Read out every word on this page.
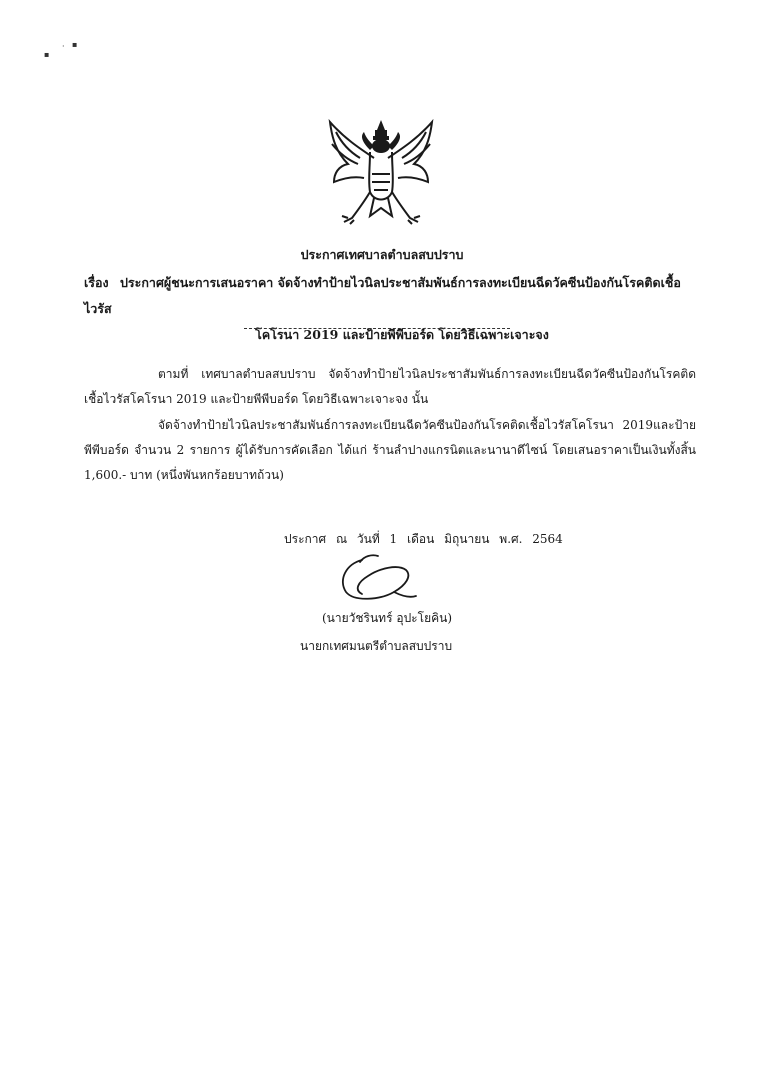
▪
· ▪
ประกาศเทศบาลตำบลสบปราบ
เรื่อง ประกาศผู้ชนะการเสนอราคา จัดจ้างทำป้ายไวนิลประชาสัมพันธ์การลงทะเบียนฉีดวัคซีนป้องกันโรคติดเชื้อไวรัส
โคโรนา 2019 และป้ายพีพีบอร์ด โดยวิธีเฉพาะเจาะจง
ตามที่ เทศบาลตำบลสบปราบ จัดจ้างทำป้ายไวนิลประชาสัมพันธ์การลงทะเบียนฉีดวัคซีนป้องกันโรคติดเชื้อไวรัสโคโรนา 2019 และป้ายพีพีบอร์ด โดยวิธีเฉพาะเจาะจง นั้น
จัดจ้างทำป้ายไวนิลประชาสัมพันธ์การลงทะเบียนฉีดวัคซีนป้องกันโรคติดเชื้อไวรัสโคโรนา 2019และป้ายพีพีบอร์ด จำนวน 2 รายการ ผู้ได้รับการคัดเลือก ได้แก่ ร้านลำปางแกรนิตและนานาดีไซน์ โดยเสนอราคาเป็นเงินทั้งสิ้น 1,600.- บาท (หนึ่งพันหกร้อยบาทถ้วน)
ประกาศ ณ วันที่ 1 เดือน มิถุนายน พ.ศ. 2564
(นายวัชรินทร์ อุปะโยคิน)
นายกเทศมนตรีตำบลสบปราบ
